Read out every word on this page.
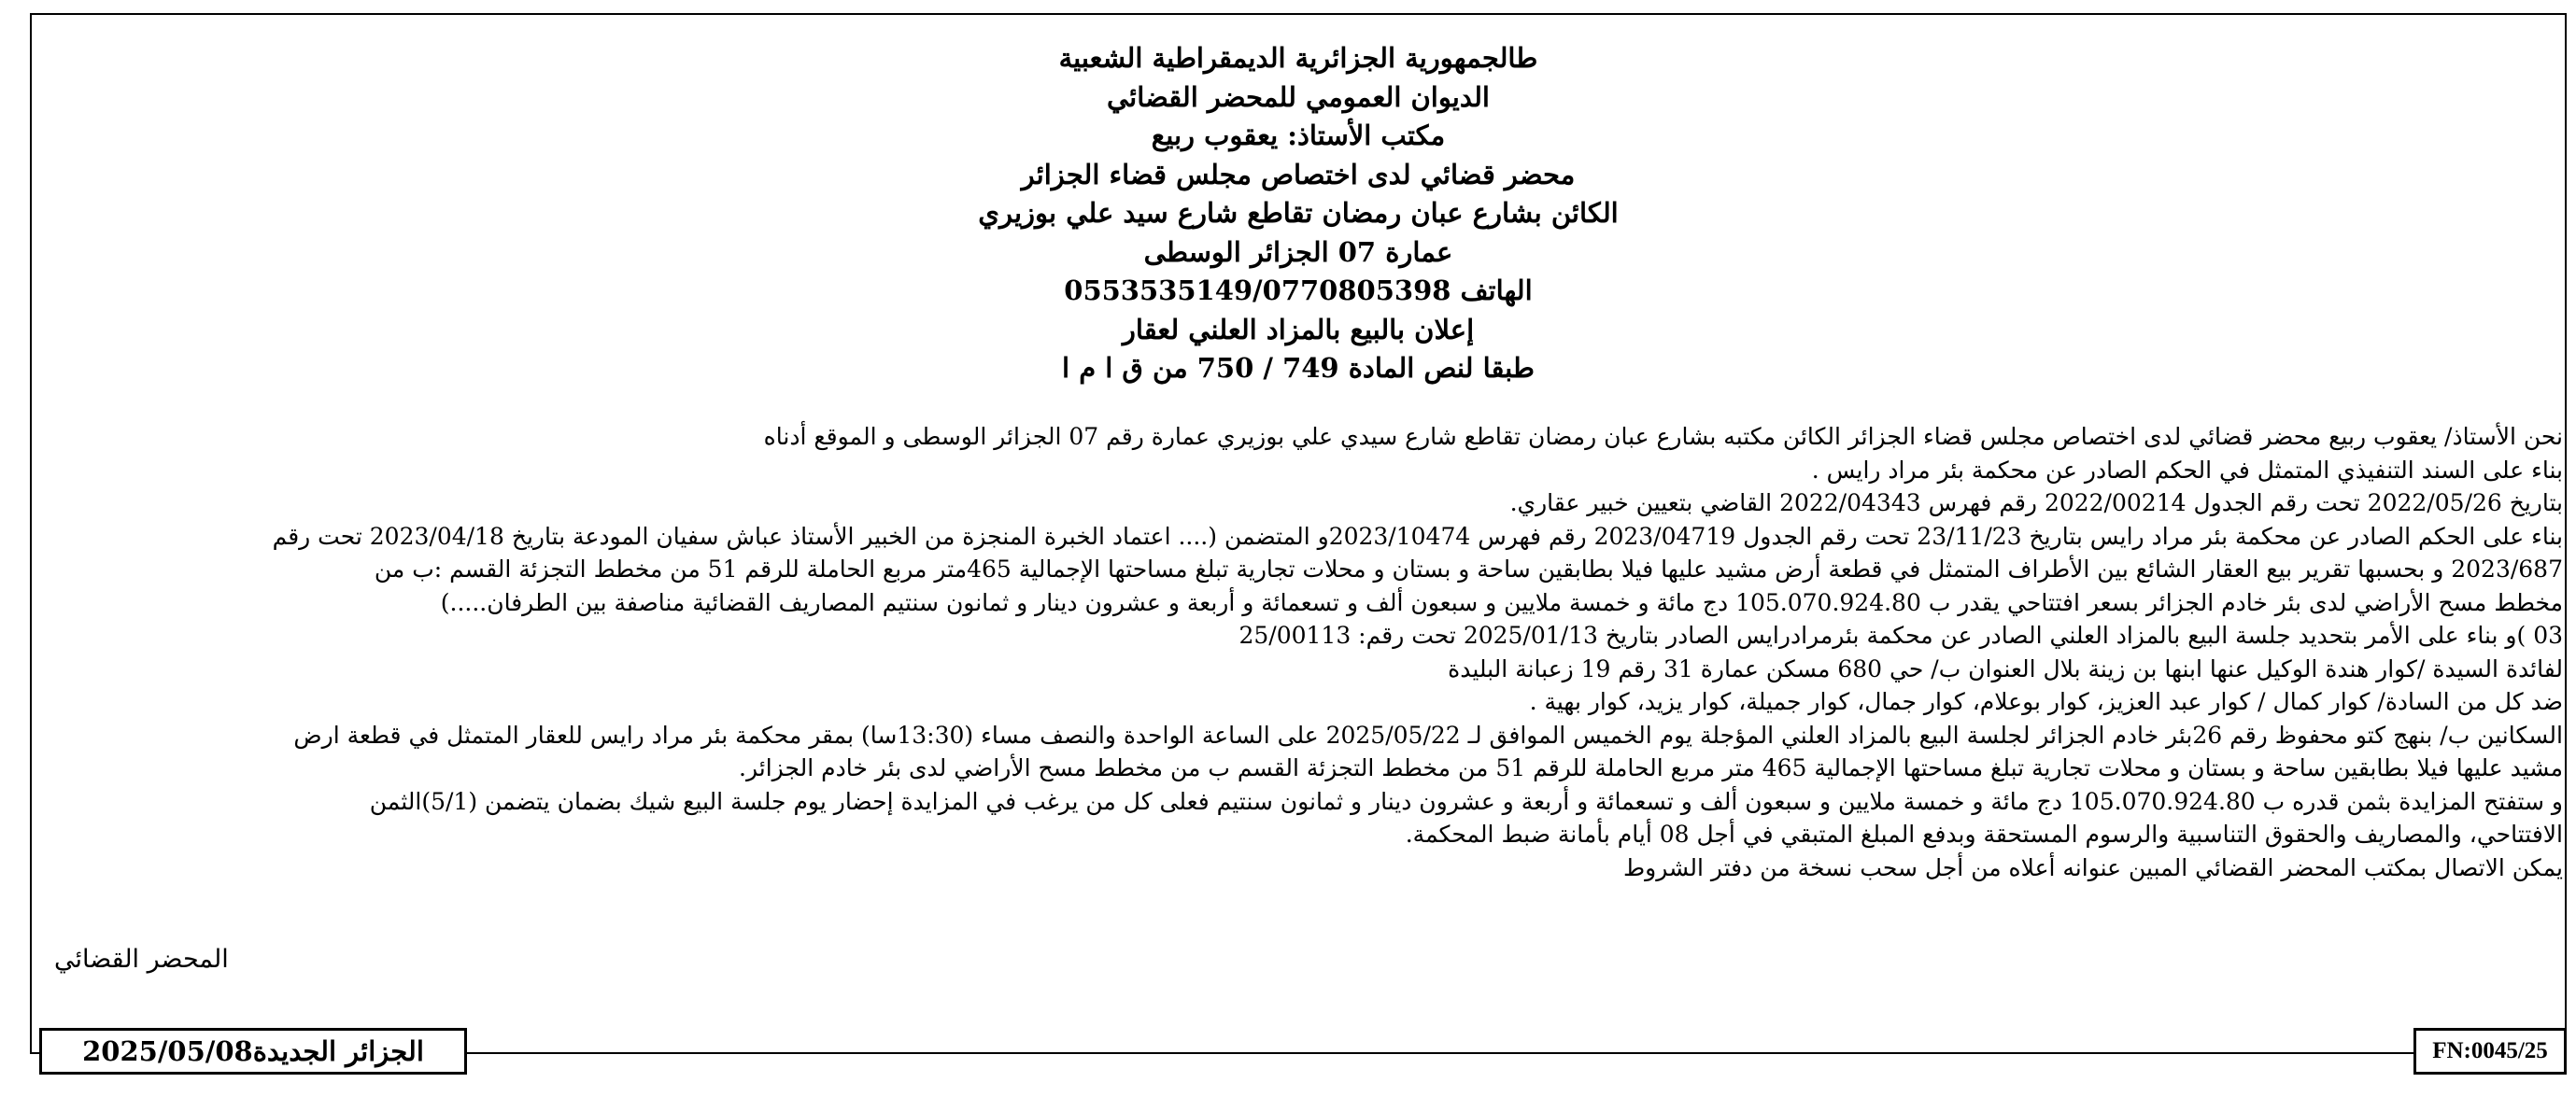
طالجمهورية الجزائرية الديمقراطية الشعبية
الديوان العمومي للمحضر القضائي
مكتب الأستاذ: يعقوب ربيع
محضر قضائي لدى اختصاص مجلس قضاء الجزائر
الكائن بشارع عبان رمضان تقاطع شارع سيد علي بوزيري
عمارة 07 الجزائر الوسطى
الهاتف 0553535149/0770805398
إعلان بالبيع بالمزاد العلني لعقار
طبقا لنص المادة 749 / 750 من ق ا م ا
نحن الأستاذ/ يعقوب ربيع محضر قضائي لدى اختصاص مجلس قضاء الجزائر الكائن مكتبه بشارع عبان رمضان تقاطع شارع سيدي علي بوزيري عمارة رقم 07 الجزائر الوسطى و الموقع أدناه
بناء على السند التنفيذي المتمثل في الحكم الصادر عن محكمة بئر مراد رايس .
بتاريخ 2022/05/26 تحت رقم الجدول 2022/00214 رقم فهرس 2022/04343 القاضي بتعيين خبير عقاري.
بناء على الحكم الصادر عن محكمة بئر مراد رايس بتاريخ 23/11/23 تحت رقم الجدول 2023/04719 رقم فهرس 2023/10474و المتضمن (.... اعتماد الخبرة المنجزة من الخبير الأستاذ عباش سفيان المودعة بتاريخ 2023/04/18 تحت رقم
2023/687 و بحسبها تقرير بيع العقار الشائع بين الأطراف المتمثل في قطعة أرض مشيد عليها فيلا بطابقين ساحة و بستان و محلات تجارية تبلغ مساحتها الإجمالية 465متر مربع الحاملة للرقم 51 من مخطط التجزئة القسم :ب من
مخطط مسح الأراضي لدى بئر خادم الجزائر بسعر افتتاحي يقدر ب 105.070.924.80 دج مائة و خمسة ملايين و سبعون ألف و تسعمائة و أربعة و عشرون دينار و ثمانون سنتيم المصاريف القضائية مناصفة بين الطرفان.....)
03 )و بناء على الأمر بتحديد جلسة البيع بالمزاد العلني الصادر عن محكمة بئرمرادرايس الصادر بتاريخ 2025/01/13 تحت رقم: 25/00113
لفائدة السيدة /كوار هندة الوكيل عنها ابنها بن زينة بلال العنوان ب/ حي 680 مسكن عمارة 31 رقم 19 زعبانة البليدة
ضد كل من السادة/ كوار كمال / كوار عبد العزيز، كوار بوعلام، كوار جمال، كوار جميلة، كوار يزيد، كوار بهية .
السكانين ب/ بنهج كتو محفوظ رقم 26بئر خادم الجزائر لجلسة البيع بالمزاد العلني المؤجلة يوم الخميس الموافق لـ 2025/05/22 على الساعة الواحدة والنصف مساء (13:30سا) بمقر محكمة بئر مراد رايس للعقار المتمثل في قطعة ارض
مشيد عليها فيلا بطابقين ساحة و بستان و محلات تجارية تبلغ مساحتها الإجمالية 465 متر مربع الحاملة للرقم 51 من مخطط التجزئة القسم ب من مخطط مسح الأراضي لدى بئر خادم الجزائر.
و ستفتح المزايدة بثمن قدره ب 105.070.924.80 دج مائة و خمسة ملايين و سبعون ألف و تسعمائة و أربعة و عشرون دينار و ثمانون سنتيم فعلى كل من يرغب في المزايدة إحضار يوم جلسة البيع شيك بضمان يتضمن (5/1)الثمن
الافتتاحي، والمصاريف والحقوق التناسبية والرسوم المستحقة وبدفع المبلغ المتبقي في أجل 08 أيام بأمانة ضبط المحكمة.
يمكن الاتصال بمكتب المحضر القضائي المبين عنوانه أعلاه من أجل سحب نسخة من دفتر الشروط
المحضر القضائي
الجزائر الجديدة2025/05/08	FN:0045/25
